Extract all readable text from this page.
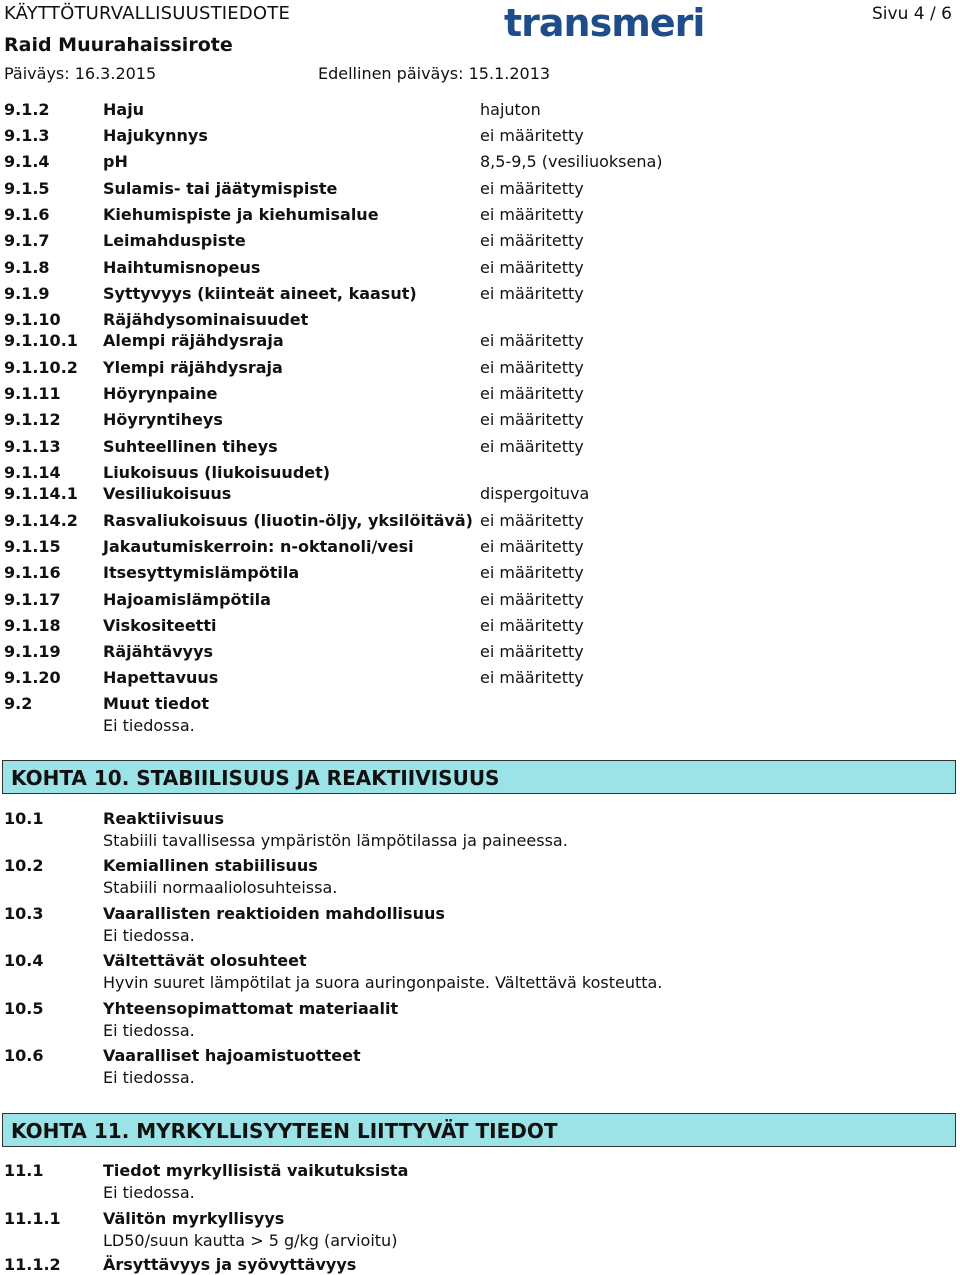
KÄYTTÖTURVALLISUUSTIEDOTE
Raid Muurahaissirote
Päiväys: 16.3.2015	Edellinen päiväys: 15.1.2013
Sivu 4 / 6
transmeri
9.1.2	Haju	hajuton
9.1.3	Hajukynnys	ei määritetty
9.1.4	pH	8,5-9,5 (vesiliuoksena)
9.1.5	Sulamis- tai jäätymispiste	ei määritetty
9.1.6	Kiehumispiste ja kiehumisalue	ei määritetty
9.1.7	Leimahduspiste	ei määritetty
9.1.8	Haihtumisnopeus	ei määritetty
9.1.9	Syttyvyys (kiinteät aineet, kaasut)	ei määritetty
9.1.10	Räjähdysominaisuudet
9.1.10.1 Alempi räjähdysraja	ei määritetty
9.1.10.2 Ylempi räjähdysraja	ei määritetty
9.1.11	Höyrynpaine	ei määritetty
9.1.12	Höyryntiheys	ei määritetty
9.1.13	Suhteellinen tiheys	ei määritetty
9.1.14	Liukoisuus (liukoisuudet)
9.1.14.1 Vesiliukoisuus	dispergoituva
9.1.14.2 Rasvaliukoisuus (liuotin-öljy, yksilöitävä) ei määritetty
9.1.15	Jakautumiskerroin: n-oktanoli/vesi	ei määritetty
9.1.16	Itsesyttymislämpötila	ei määritetty
9.1.17	Hajoamislämpötila	ei määritetty
9.1.18	Viskositeetti	ei määritetty
9.1.19	Räjähtävyys	ei määritetty
9.1.20	Hapettavuus	ei määritetty
9.2	Muut tiedot
Ei tiedossa.
KOHTA 10. STABIILISUUS JA REAKTIIVISUUS
10.1	Reaktiivisuus
Stabiili tavallisessa ympäristön lämpötilassa ja paineessa.
10.2	Kemiallinen stabiilisuus
Stabiili normaaliolosuhteissa.
10.3	Vaarallisten reaktioiden mahdollisuus
Ei tiedossa.
10.4	Vältettävät olosuhteet
Hyvin suuret lämpötilat ja suora auringonpaiste. Vältettävä kosteutta.
10.5	Yhteensopimattomat materiaalit
Ei tiedossa.
10.6	Vaaralliset hajoamistuotteet
Ei tiedossa.
KOHTA 11. MYRKYLLISYYTEEN LIITTYVÄT TIEDOT
11.1	Tiedot myrkyllisistä vaikutuksista
Ei tiedossa.
11.1.1	Välitön myrkyllisyys
LD50/suun kautta > 5 g/kg (arvioitu)
11.1.2	Ärsyttävyys ja syövyttävyys
